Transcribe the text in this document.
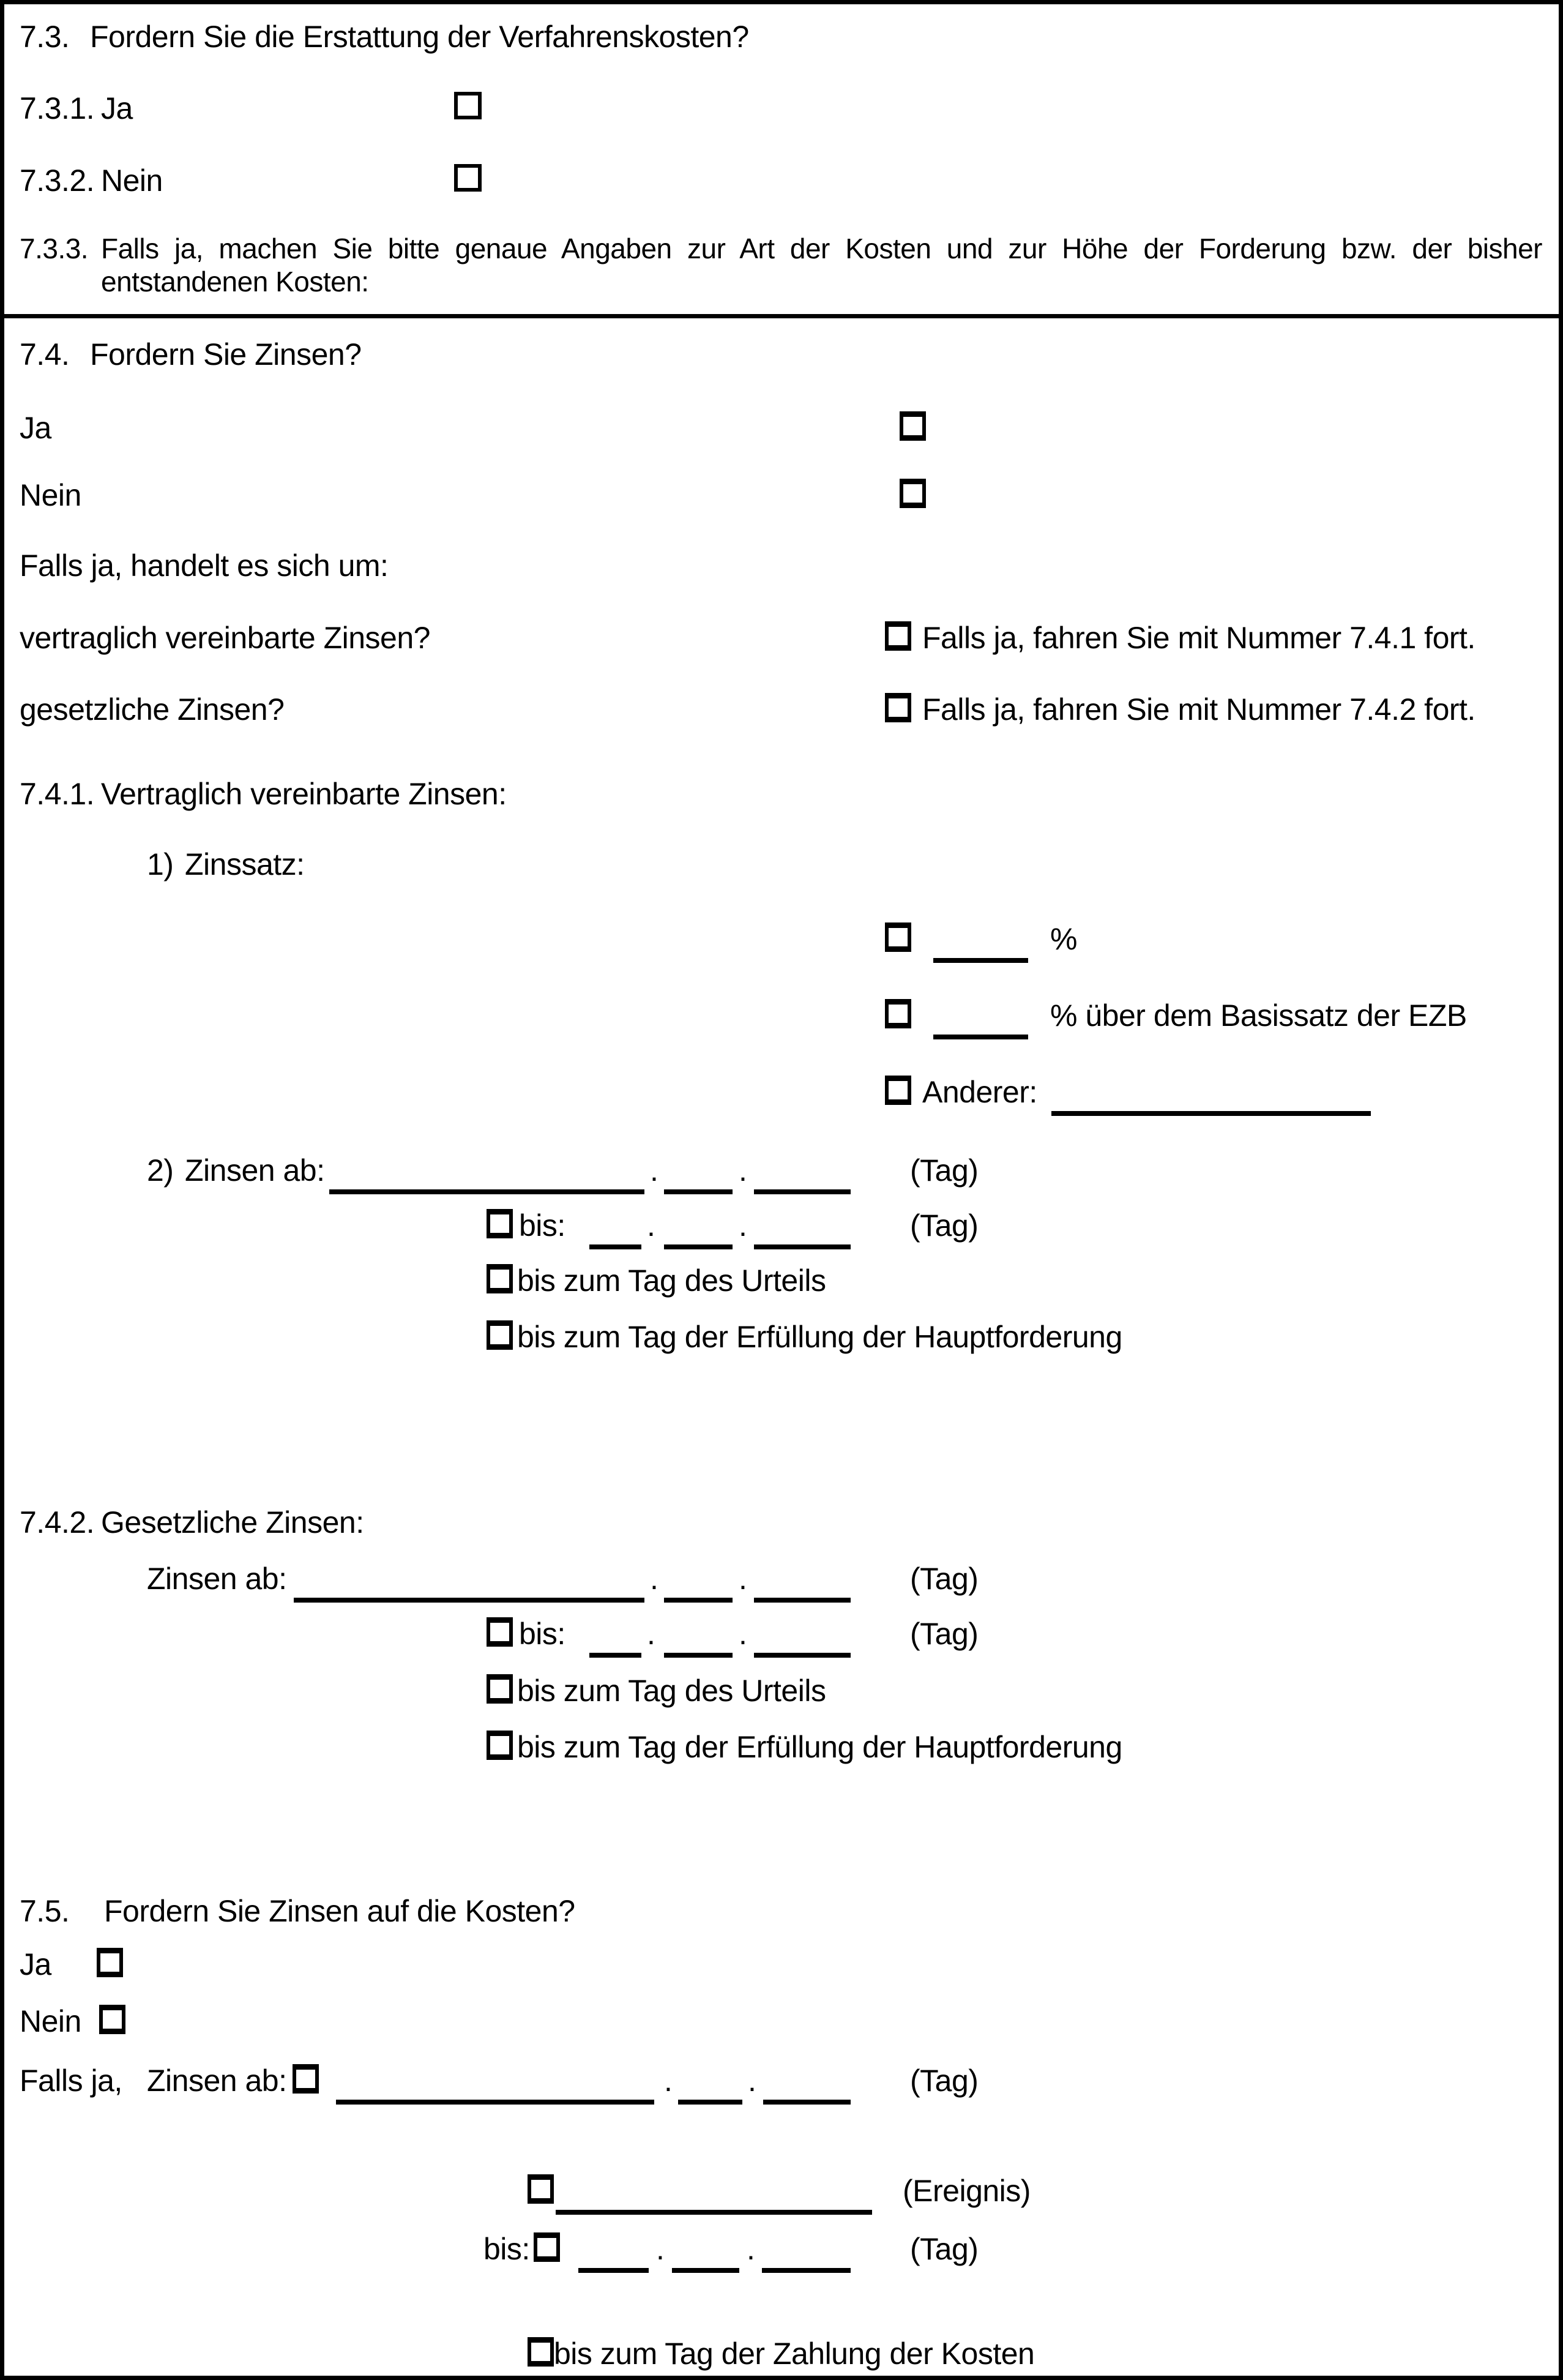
7.3. Fordern Sie die Erstattung der Verfahrenskosten?
7.3.1. Ja
7.3.2. Nein
7.3.3. Falls ja, machen Sie bitte genaue Angaben zur Art der Kosten und zur Höhe der Forderung bzw. der bisher
entstandenen Kosten:
7.4. Fordern Sie Zinsen?
Ja
Nein
Falls ja, handelt es sich um:
vertraglich vereinbarte Zinsen?	Falls ja, fahren Sie mit Nummer 7.4.1 fort.
gesetzliche Zinsen?	Falls ja, fahren Sie mit Nummer 7.4.2 fort.
7.4.1. Vertraglich vereinbarte Zinsen:
1) Zinssatz:
%
% über dem Basissatz der EZB
Anderer:
2) Zinsen ab:	.	.	(Tag)
bis:	.	.	(Tag)
bis zum Tag des Urteils
bis zum Tag der Erfüllung der Hauptforderung
7.4.2. Gesetzliche Zinsen:
Zinsen ab:	.	.	(Tag)
bis:	.	.	(Tag)
bis zum Tag des Urteils
bis zum Tag der Erfüllung der Hauptforderung
7.5. Fordern Sie Zinsen auf die Kosten?
Ja
Nein
Falls ja, Zinsen ab:	. .	(Tag)
(Ereignis)
bis:	.	.	(Tag)
bis zum Tag der Zahlung der Kosten
